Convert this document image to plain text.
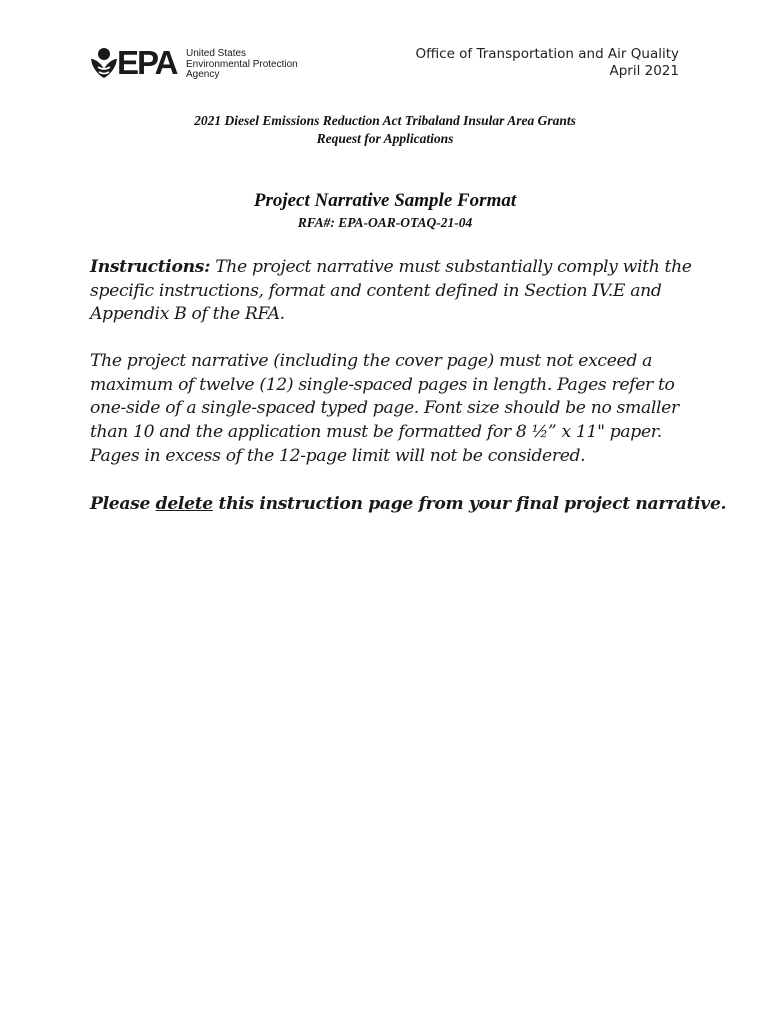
EPA United States
Environmental Protection
Agency
Office of Transportation and Air Quality
April 2021
2021 Diesel Emissions Reduction Act Tribaland Insular Area Grants
Request for Applications
Project Narrative Sample Format
RFA#: EPA-OAR-OTAQ-21-04
Instructions: The project narrative must substantially comply with the
specific instructions, format and content defined in Section IV.E and
Appendix B of the RFA.
The project narrative (including the cover page) must not exceed a
maximum of twelve (12) single-spaced pages in length. Pages refer to
one-side of a single-spaced typed page. Font size should be no smaller
than 10 and the application must be formatted for 8 ½” x 11" paper.
Pages in excess of the 12-page limit will not be considered.
Please delete this instruction page from your final project narrative.
